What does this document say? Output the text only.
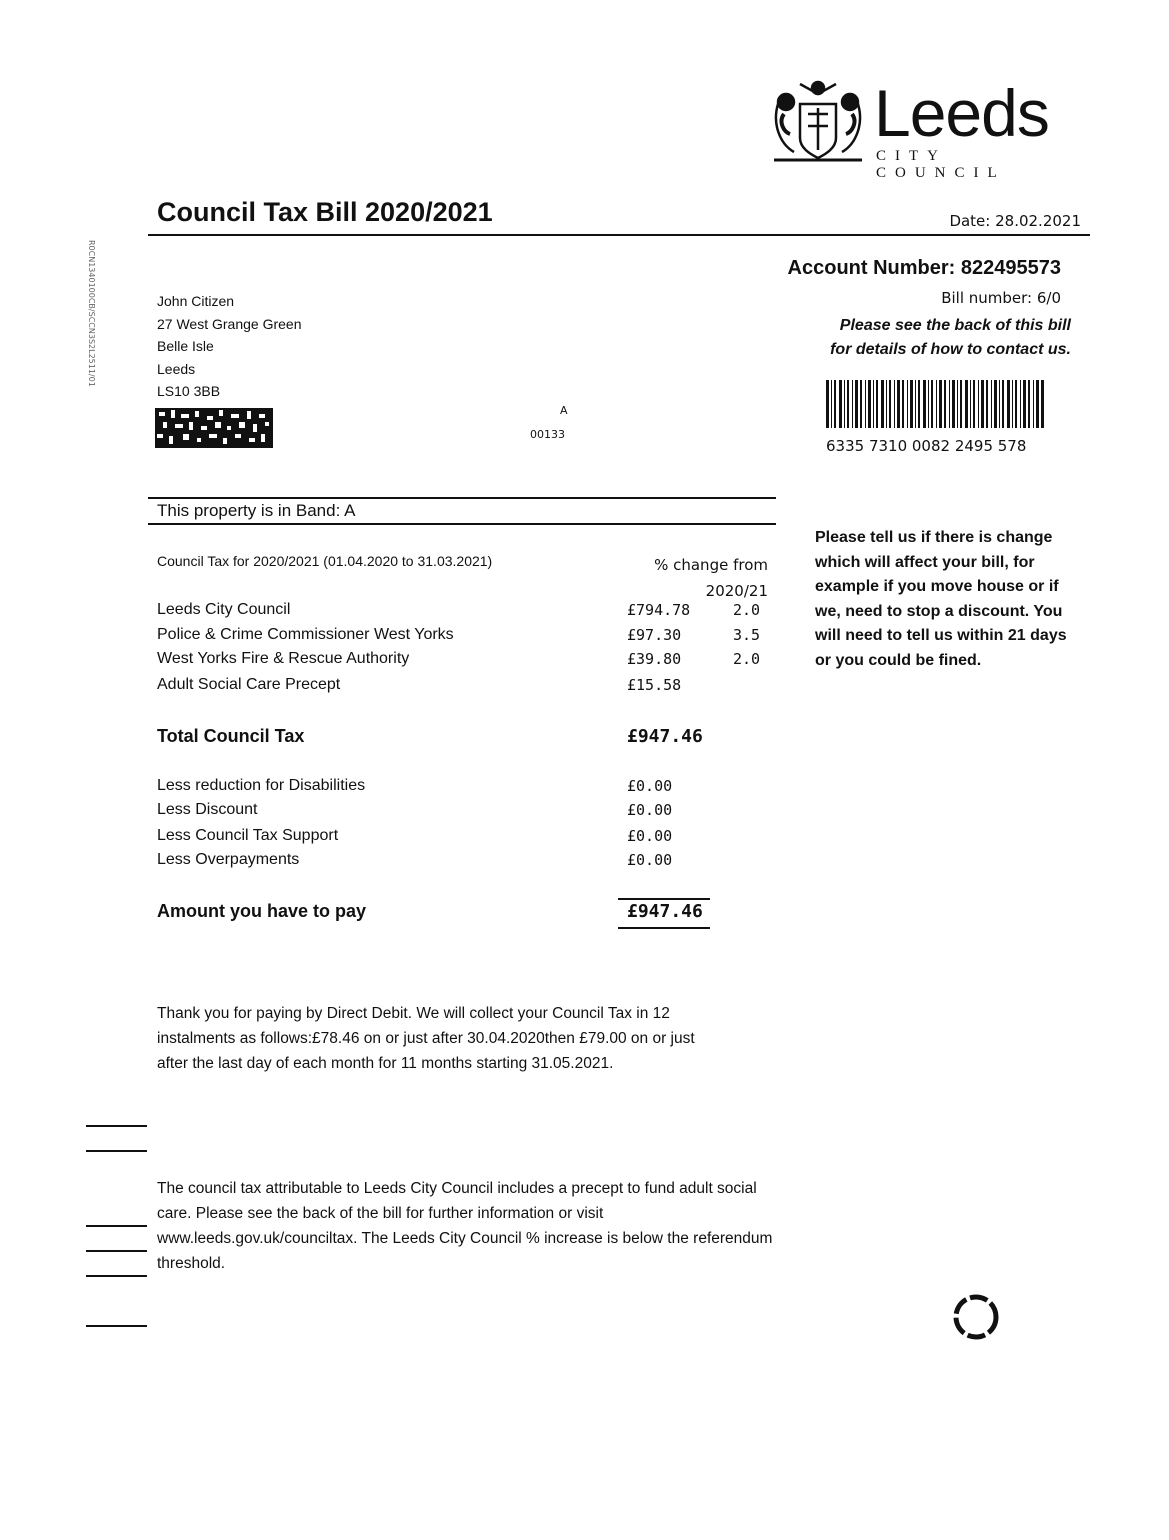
Leeds
CITY COUNCIL
Council Tax Bill 2020/2021	Date: 28.02.2021
Account Number: 822495573
Bill number: 6/0
Please see the back of this bill
for details of how to contact us.
R0CN1340100CB/SCCN3S2L2511/01	John Citizen
27 West Grange Green
Belle Isle
Leeds
LS10 3BB
A
00133
6335 7310 0082 2495 578
This property is in Band: A
Please tell us if there is change which will affect your bill, for example if you move house or if we, need to stop a discount. You will need to tell us within 21 days or you could be fined.
Council Tax for 2020/2021 (01.04.2020 to 31.03.2021)	% change from
2020/21
Leeds City Council	£794.78	2.0
Police & Crime Commissioner West Yorks	£97.30	3.5
West Yorks Fire & Rescue Authority	£39.80	2.0
Adult Social Care Precept	£15.58
Total Council Tax	£947.46
Less reduction for Disabilities	£0.00
Less Discount	£0.00
Less Council Tax Support	£0.00
Less Overpayments	£0.00
Amount you have to pay	£947.46
Thank you for paying by Direct Debit. We will collect your Council Tax in 12
instalments as follows:£78.46 on or just after 30.04.2020then £79.00 on or just
after the last day of each month for 11 months starting 31.05.2021.
The council tax attributable to Leeds City Council includes a precept to fund adult social
care. Please see the back of the bill for further information or visit
www.leeds.gov.uk/counciltax. The Leeds City Council % increase is below the referendum
threshold.
